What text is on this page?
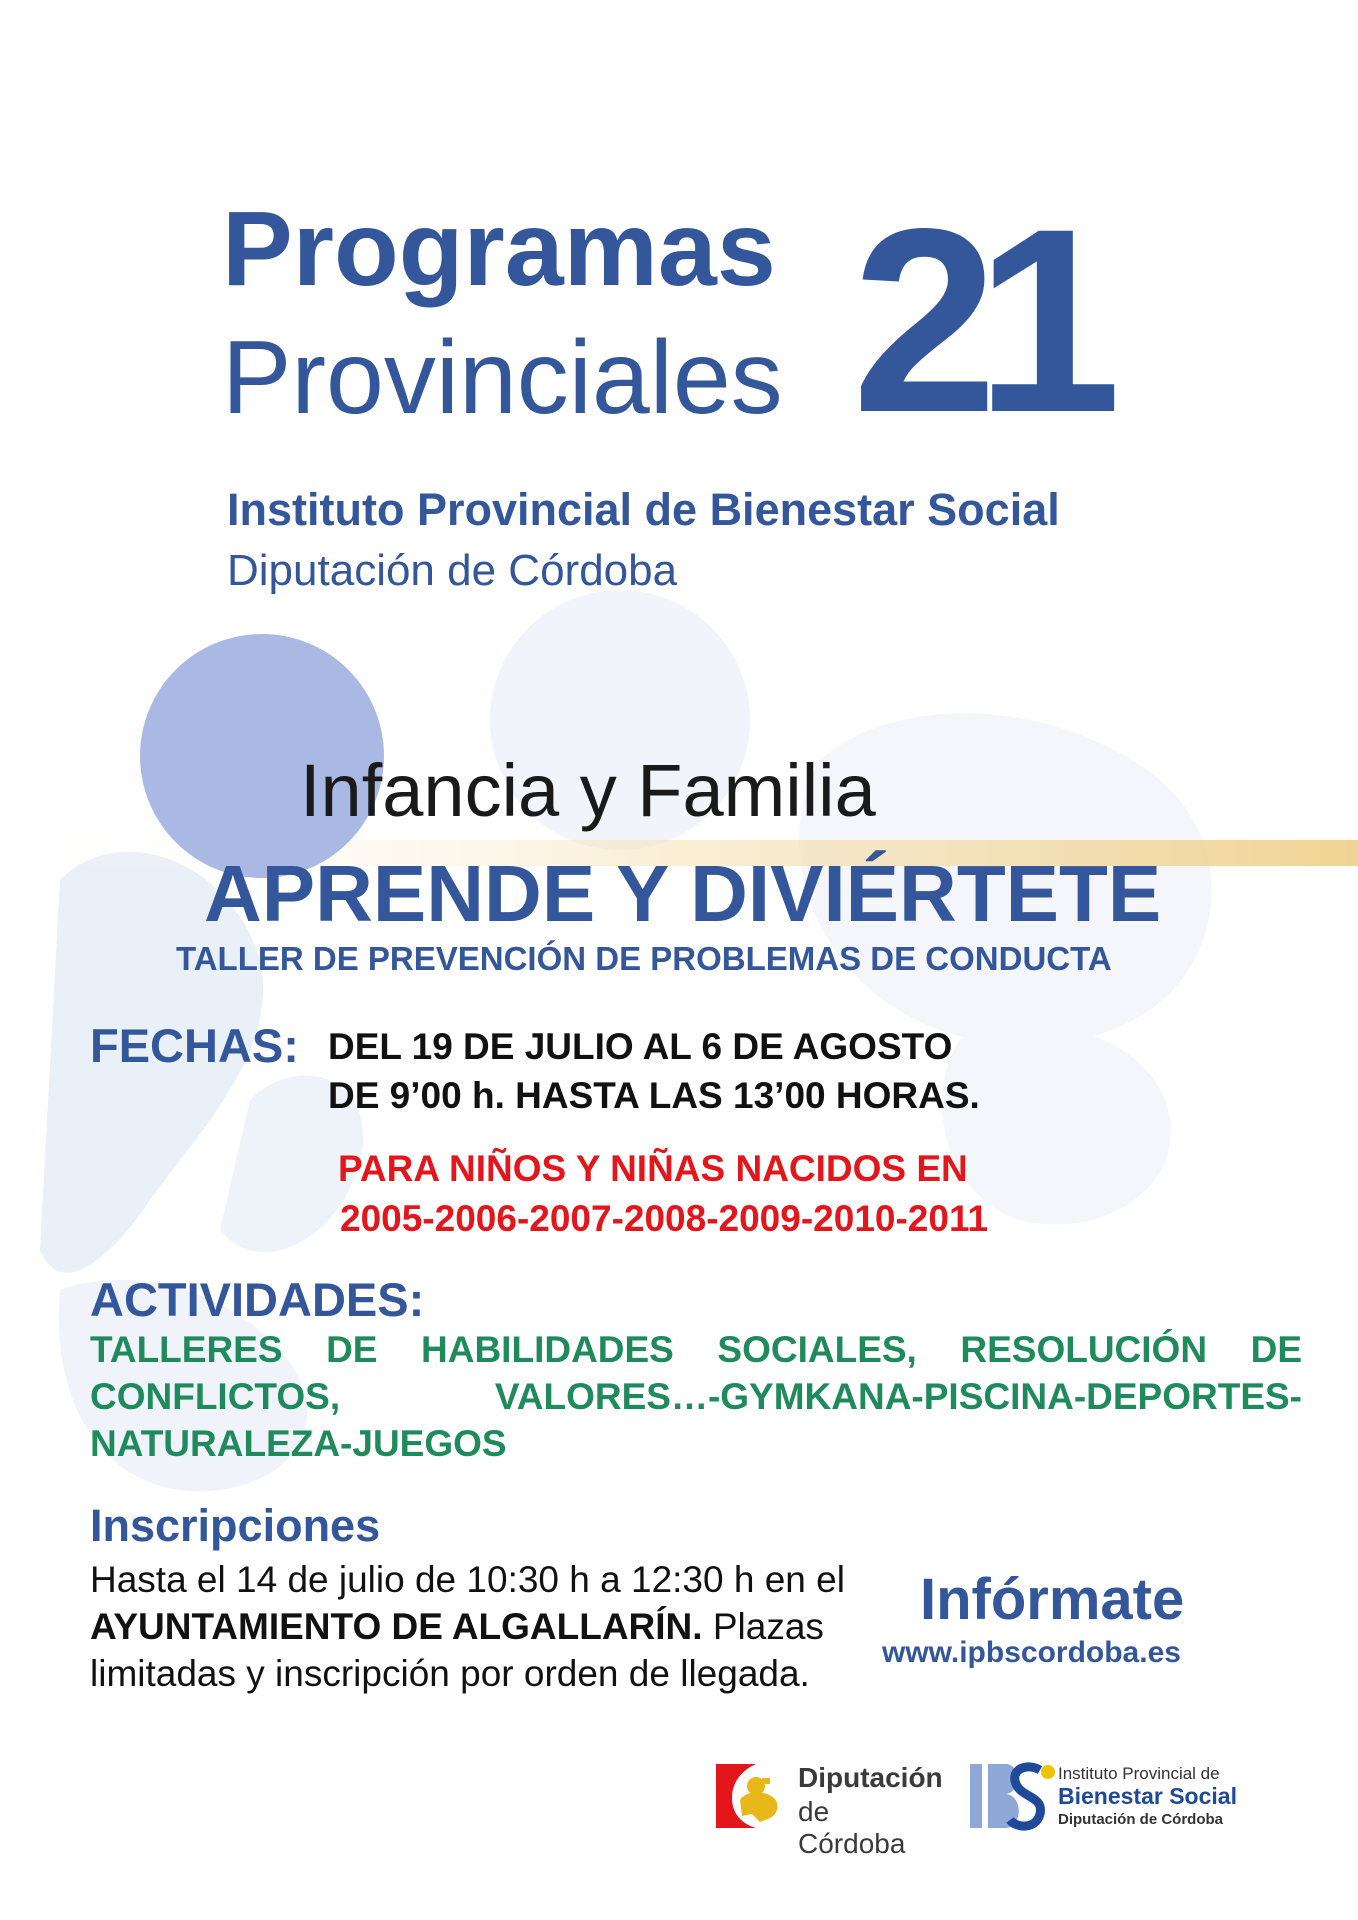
Programas
Provinciales 21
Instituto Provincial de Bienestar Social
Diputación de Córdoba
Infancia y Familia
APRENDE Y DIVIÉRTETE
TALLER DE PREVENCIÓN DE PROBLEMAS DE CONDUCTA
FECHAS: DEL 19 DE JULIO AL 6 DE AGOSTO
DE 9’00 h. HASTA LAS 13’00 HORAS.
PARA NIÑOS Y NIÑAS NACIDOS EN
2005-2006-2007-2008-2009-2010-2011
ACTIVIDADES:
TALLERES DE HABILIDADES SOCIALES, RESOLUCIÓN DE CONFLICTOS, VALORES…-GYMKANA-PISCINA-DEPORTES-NATURALEZA-JUEGOS
Inscripciones
Hasta el 14 de julio de 10:30 h a 12:30 h en el AYUNTAMIENTO DE ALGALLARÍN. Plazas limitadas y inscripción por orden de llegada.
Infórmate
www.ipbscordoba.es
Diputación
de Córdoba
Instituto Provincial de
Bienestar Social
Diputación de Córdoba
